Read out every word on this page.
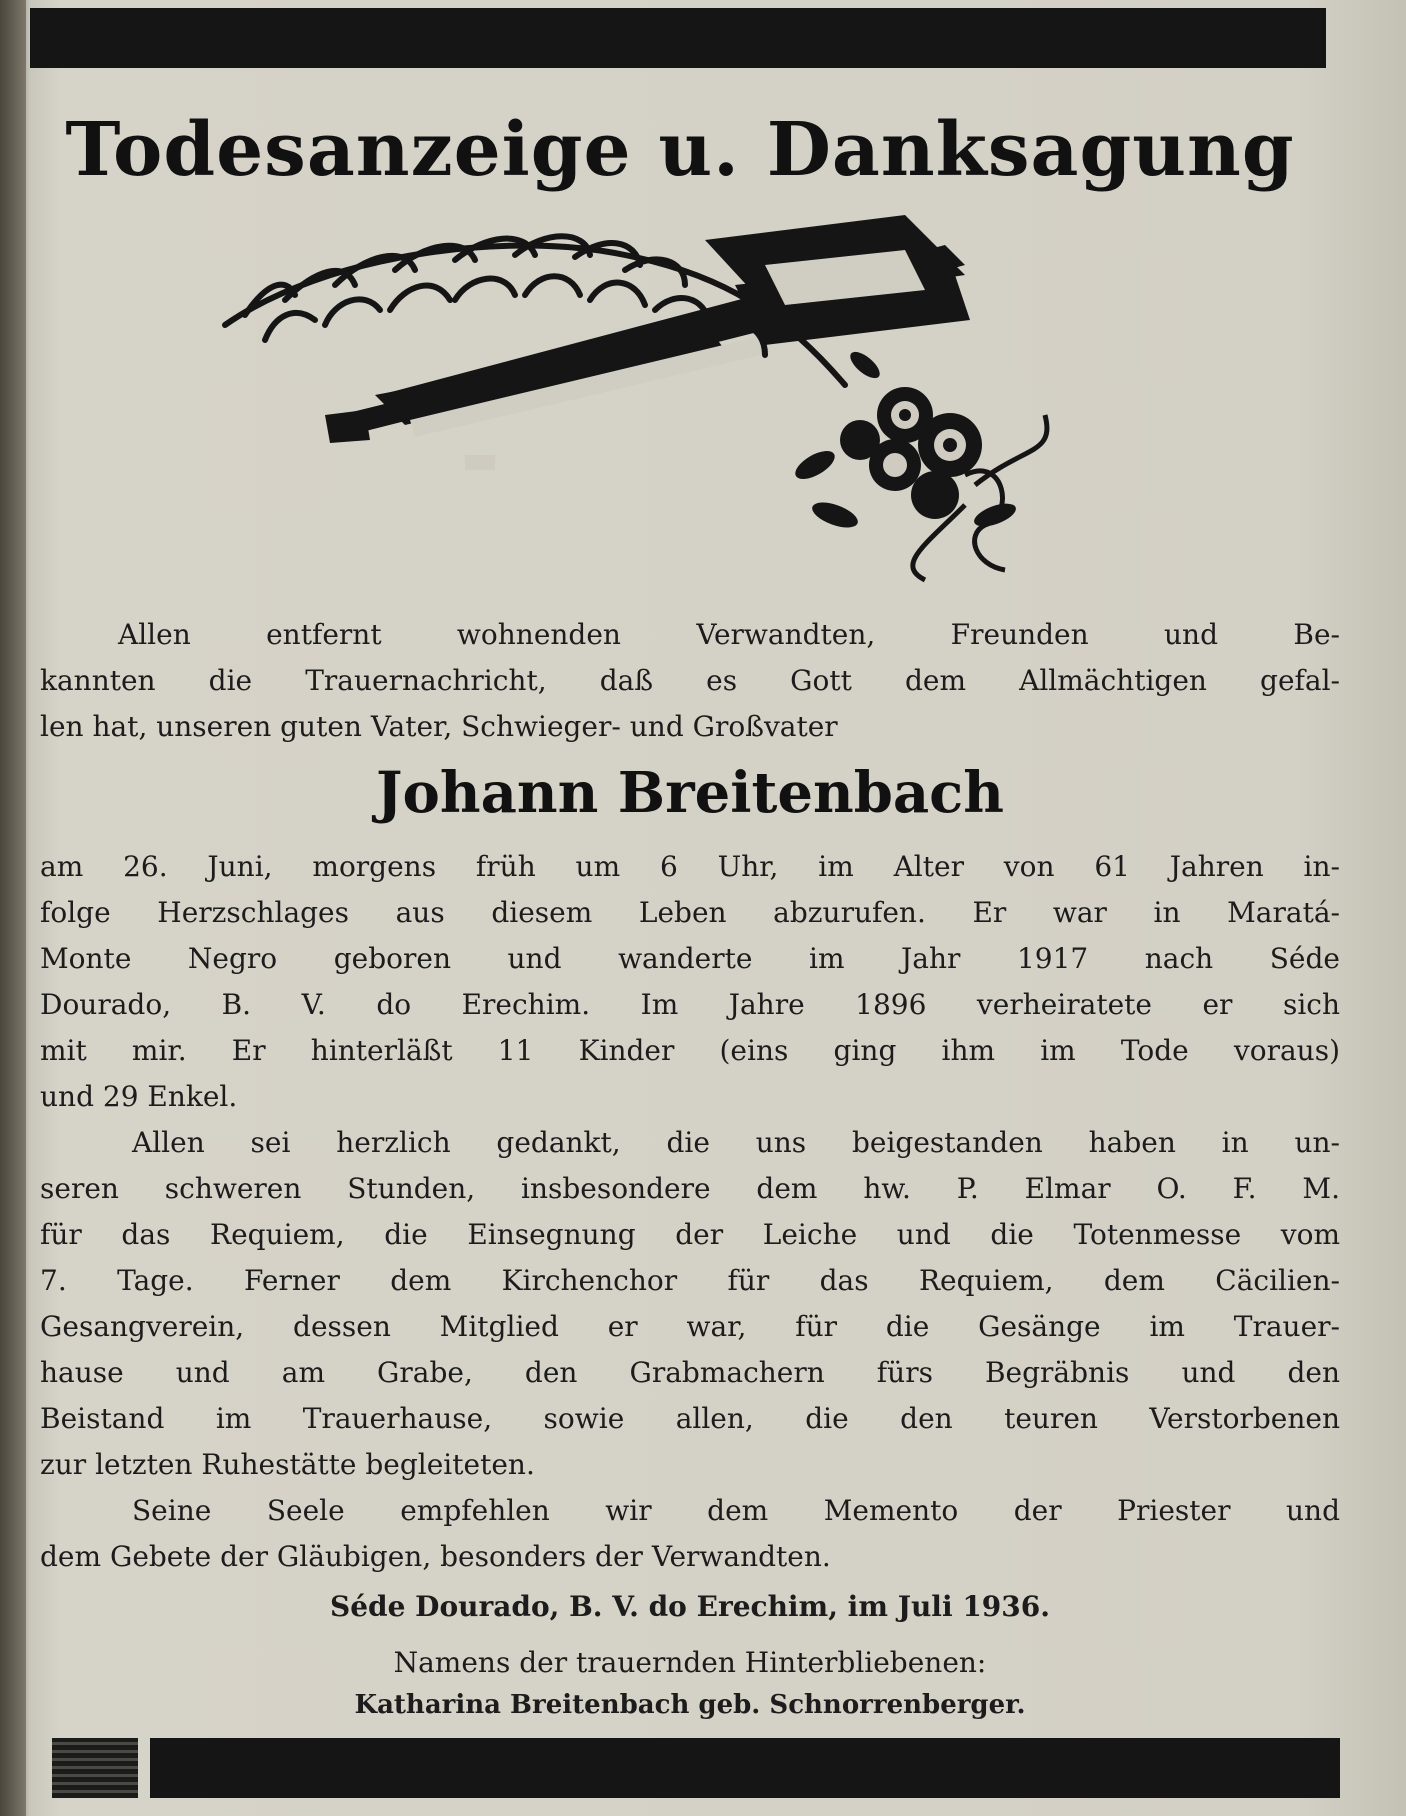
Todesanzeige u. Danksagung
Allen entfernt wohnenden Verwandten, Freunden und Be-
kannten die Trauernachricht, daß es Gott dem Allmächtigen gefal-
len hat, unseren guten Vater, Schwieger- und Großvater
Johann Breitenbach
am 26. Juni, morgens früh um 6 Uhr, im Alter von 61 Jahren in-
folge Herzschlages aus diesem Leben abzurufen. Er war in Maratá-
Monte Negro geboren und wanderte im Jahr 1917 nach Séde
Dourado, B. V. do Erechim. Im Jahre 1896 verheiratete er sich
mit mir. Er hinterläßt 11 Kinder (eins ging ihm im Tode voraus)
und 29 Enkel.
Allen sei herzlich gedankt, die uns beigestanden haben in un-
seren schweren Stunden, insbesondere dem hw. P. Elmar O. F. M.
für das Requiem, die Einsegnung der Leiche und die Totenmesse vom
7. Tage. Ferner dem Kirchenchor für das Requiem, dem Cäcilien-
Gesangverein, dessen Mitglied er war, für die Gesänge im Trauer-
hause und am Grabe, den Grabmachern fürs Begräbnis und den
Beistand im Trauerhause, sowie allen, die den teuren Verstorbenen
zur letzten Ruhestätte begleiteten.
Seine Seele empfehlen wir dem Memento der Priester und
dem Gebete der Gläubigen, besonders der Verwandten.
Séde Dourado, B. V. do Erechim, im Juli 1936.
Namens der trauernden Hinterbliebenen:
Katharina Breitenbach geb. Schnorrenberger.
